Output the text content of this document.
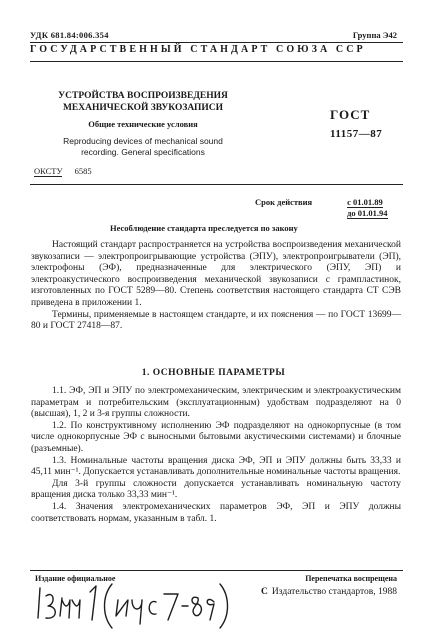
УДК 681.84:006.354	Группа Э42
ГОСУДАРСТВЕННЫЙ СТАНДАРТ СОЮЗА ССР
УСТРОЙСТВА ВОСПРОИЗВЕДЕНИЯ
МЕХАНИЧЕСКОЙ ЗВУКОЗАПИСИ
Общие технические условия
Reproducing devices of mechanical sound
recording. General specifications
ГОСТ
11157—87
ОКСТУ 6585
Срок действия	с 01.01.89
до 01.01.94
Несоблюдение стандарта преследуется по закону

Настоящий стандарт распространяется на устройства воспроизведения механической звукозаписи — электропроигрывающие устройства (ЭПУ), электропроигрыватели (ЭП), электрофоны (ЭФ), предназначенные для электрического (ЭПУ, ЭП) и электроакустического воспроизведения механической звукозаписи с грампластинок, изготовленных по ГОСТ 5289—80. Степень соответствия настоящего стандарта СТ СЭВ приведена в приложении 1.

Термины, применяемые в настоящем стандарте, и их пояснения — по ГОСТ 13699—80 и ГОСТ 27418—87.

1. ОСНОВНЫЕ ПАРАМЕТРЫ

1.1. ЭФ, ЭП и ЭПУ по электромеханическим, электрическим и электроакустическим параметрам и потребительским (эксплуатационным) удобствам подразделяют на 0 (высшая), 1, 2 и 3-я группы сложности.

1.2. По конструктивному исполнению ЭФ подразделяют на однокорпусные (в том числе однокорпусные ЭФ с выносными бытовыми акустическими системами) и блочные (разъемные).

1.3. Номинальные частоты вращения диска ЭФ, ЭП и ЭПУ должны быть 33,33 и 45,11 мин⁻¹. Допускается устанавливать дополнительные номинальные частоты вращения.

Для 3-й группы сложности допускается устанавливать номинальную частоту вращения диска только 33,33 мин⁻¹.

1.4. Значения электромеханических параметров ЭФ, ЭП и ЭПУ должны соответствовать нормам, указанным в табл. 1.

Издание официальное	Перепечатка воспрещена
С Издательство стандартов, 1988
